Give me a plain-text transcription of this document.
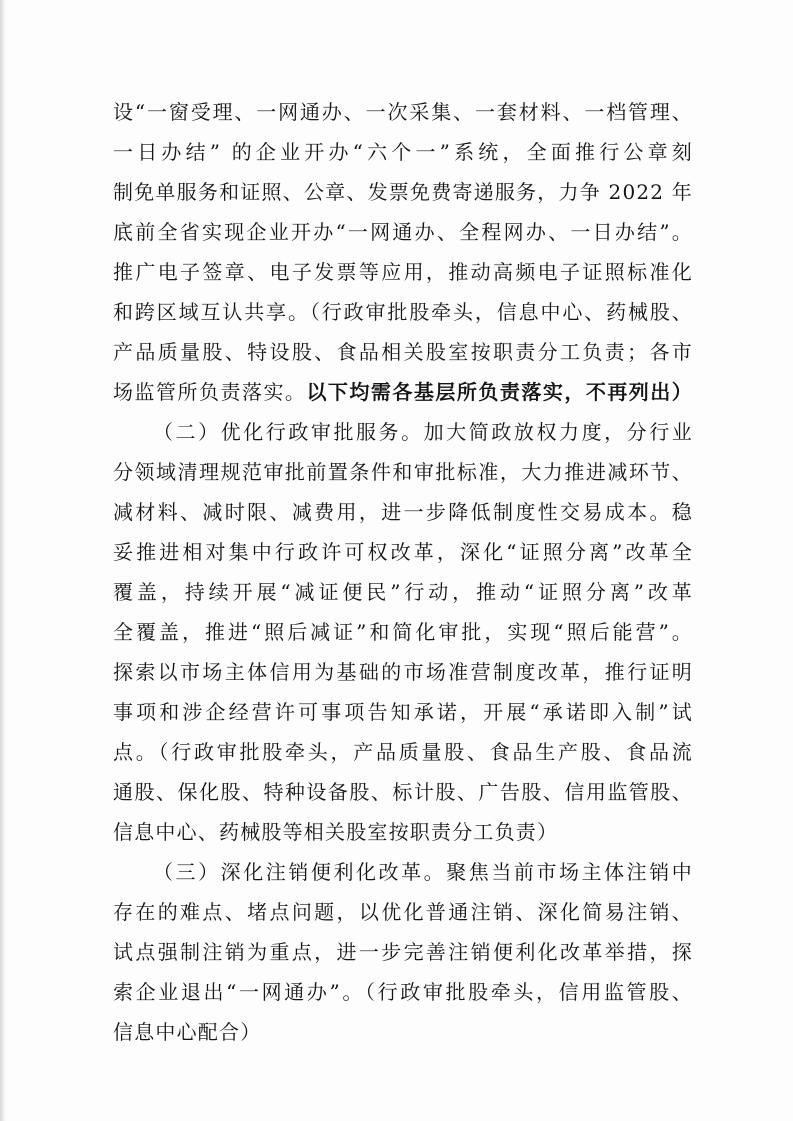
设“一窗受理、一网通办、一次采集、一套材料、一档管理、
一日办结” 的企业开办“六个一”系统，全面推行公章刻
制免单服务和证照、公章、发票免费寄递服务，力争 2022 年
底前全省实现企业开办“一网通办、全程网办、一日办结”。
推广电子签章、电子发票等应用，推动高频电子证照标准化
和跨区域互认共享。（行政审批股牵头，信息中心、药械股、
产品质量股、特设股、食品相关股室按职责分工负责；各市
场监管所负责落实。以下均需各基层所负责落实，不再列出）
（二）优化行政审批服务。加大简政放权力度，分行业
分领域清理规范审批前置条件和审批标准，大力推进减环节、
减材料、减时限、减费用，进一步降低制度性交易成本。稳
妥推进相对集中行政许可权改革，深化“证照分离”改革全
覆盖，持续开展“减证便民”行动，推动“证照分离”改革
全覆盖，推进“照后减证”和简化审批，实现“照后能营”。
探索以市场主体信用为基础的市场准营制度改革，推行证明
事项和涉企经营许可事项告知承诺，开展“承诺即入制”试
点。（行政审批股牵头，产品质量股、食品生产股、食品流
通股、保化股、特种设备股、标计股、广告股、信用监管股、
信息中心、药械股等相关股室按职责分工负责）
（三）深化注销便利化改革。聚焦当前市场主体注销中
存在的难点、堵点问题，以优化普通注销、深化简易注销、
试点强制注销为重点，进一步完善注销便利化改革举措，探
索企业退出“一网通办”。（行政审批股牵头，信用监管股、
信息中心配合）
